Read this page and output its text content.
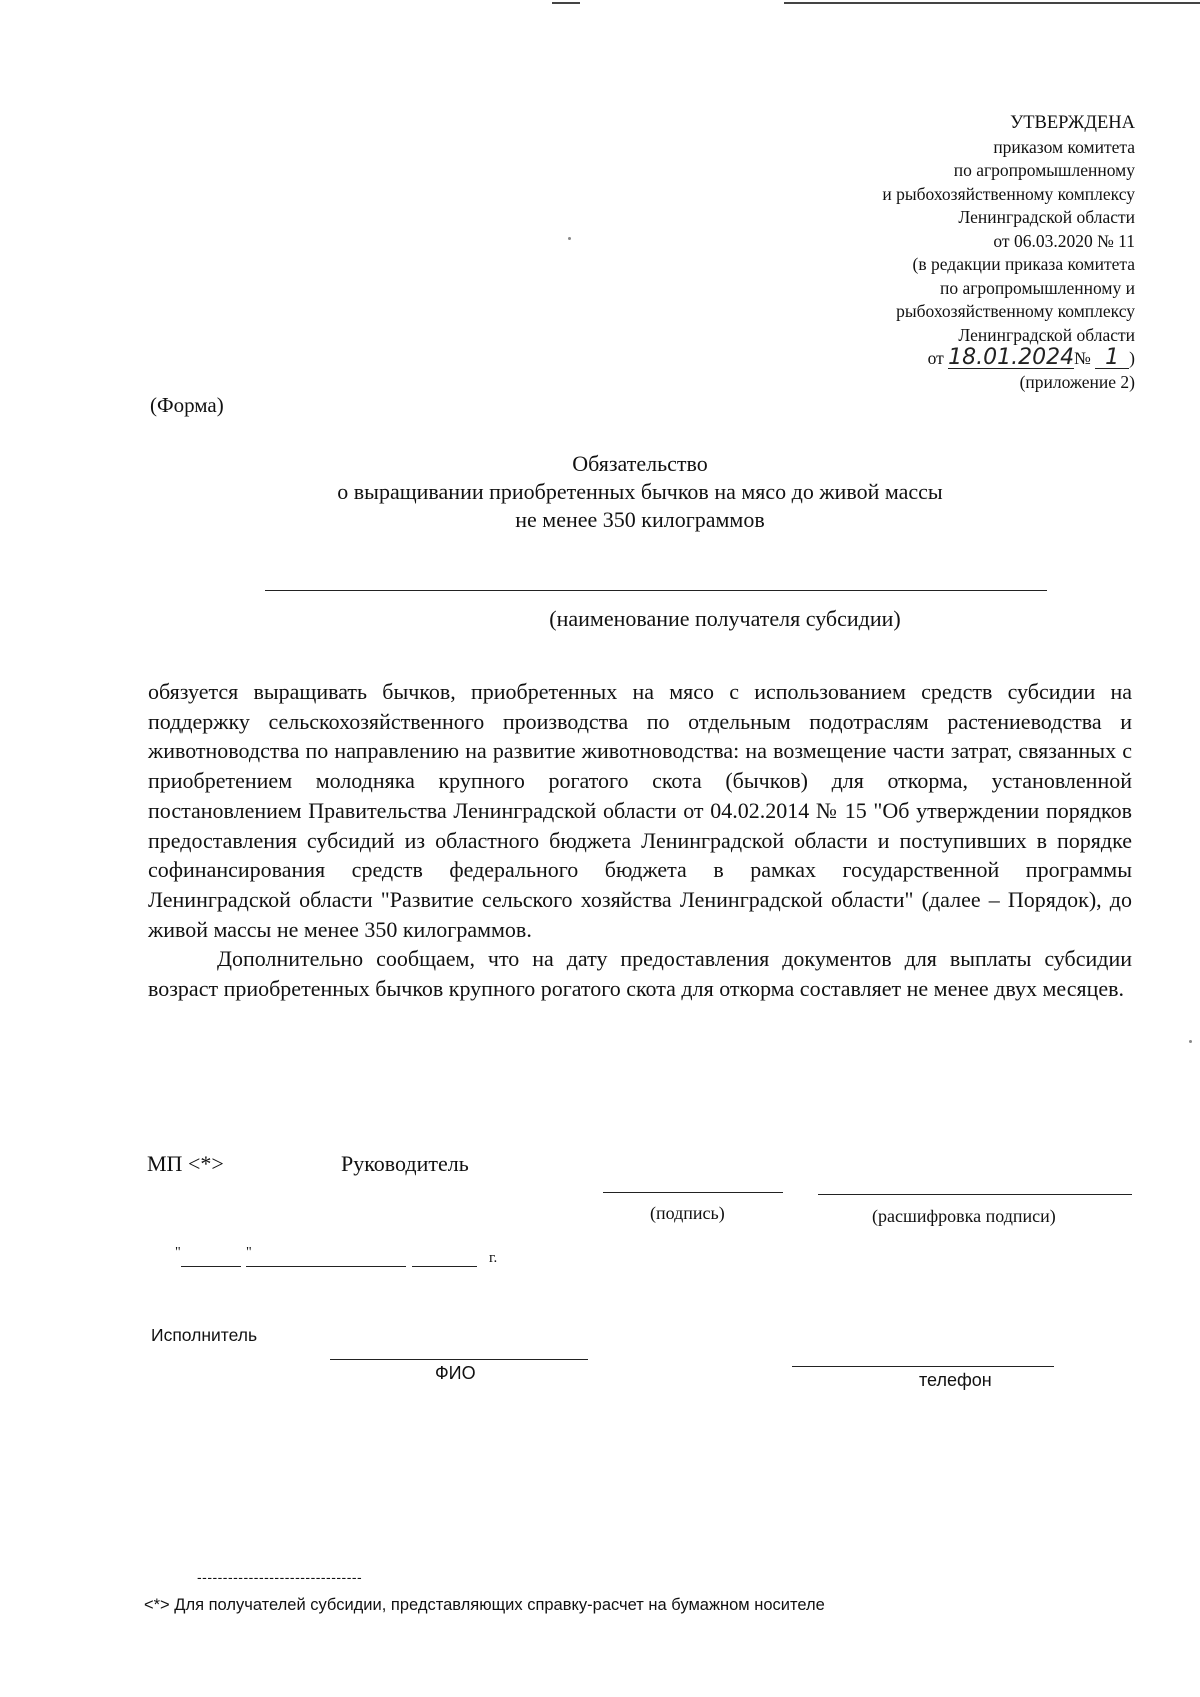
УТВЕРЖДЕНА
приказом комитета
по агропромышленному
и рыбохозяйственному комплексу
Ленинградской области
от 06.03.2020 № 11
(в редакции приказа комитета
по агропромышленному и
рыбохозяйственному комплексу
Ленинградской области
от 18.01.2024№ 1 )
(приложение 2)
(Форма)
Обязательство
о выращивании приобретенных бычков на мясо до живой массы
не менее 350 килограммов
(наименование получателя субсидии)

обязуется выращивать бычков, приобретенных на мясо с использованием средств субсидии на поддержку сельскохозяйственного производства по отдельным подотраслям растениеводства и животноводства по направлению на развитие животноводства: на возмещение части затрат, связанных с приобретением молодняка крупного рогатого скота (бычков) для откорма, установленной постановлением Правительства Ленинградской области от 04.02.2014 № 15 "Об утверждении порядков предоставления субсидий из областного бюджета Ленинградской области и поступивших в порядке софинансирования средств федерального бюджета в рамках государственной программы Ленинградской области "Развитие сельского хозяйства Ленинградской области" (далее – Порядок), до живой массы не менее 350 килограммов.

Дополнительно сообщаем, что на дату предоставления документов для выплаты субсидии возраст приобретенных бычков крупного рогатого скота для откорма составляет не менее двух месяцев.

МП <*>	Руководитель
(подпись)	(расшифровка подписи)
"	"	г.
Исполнитель
ФИО	телефон
--------------------------------
<*> Для получателей субсидии, представляющих справку-расчет на бумажном носителе
